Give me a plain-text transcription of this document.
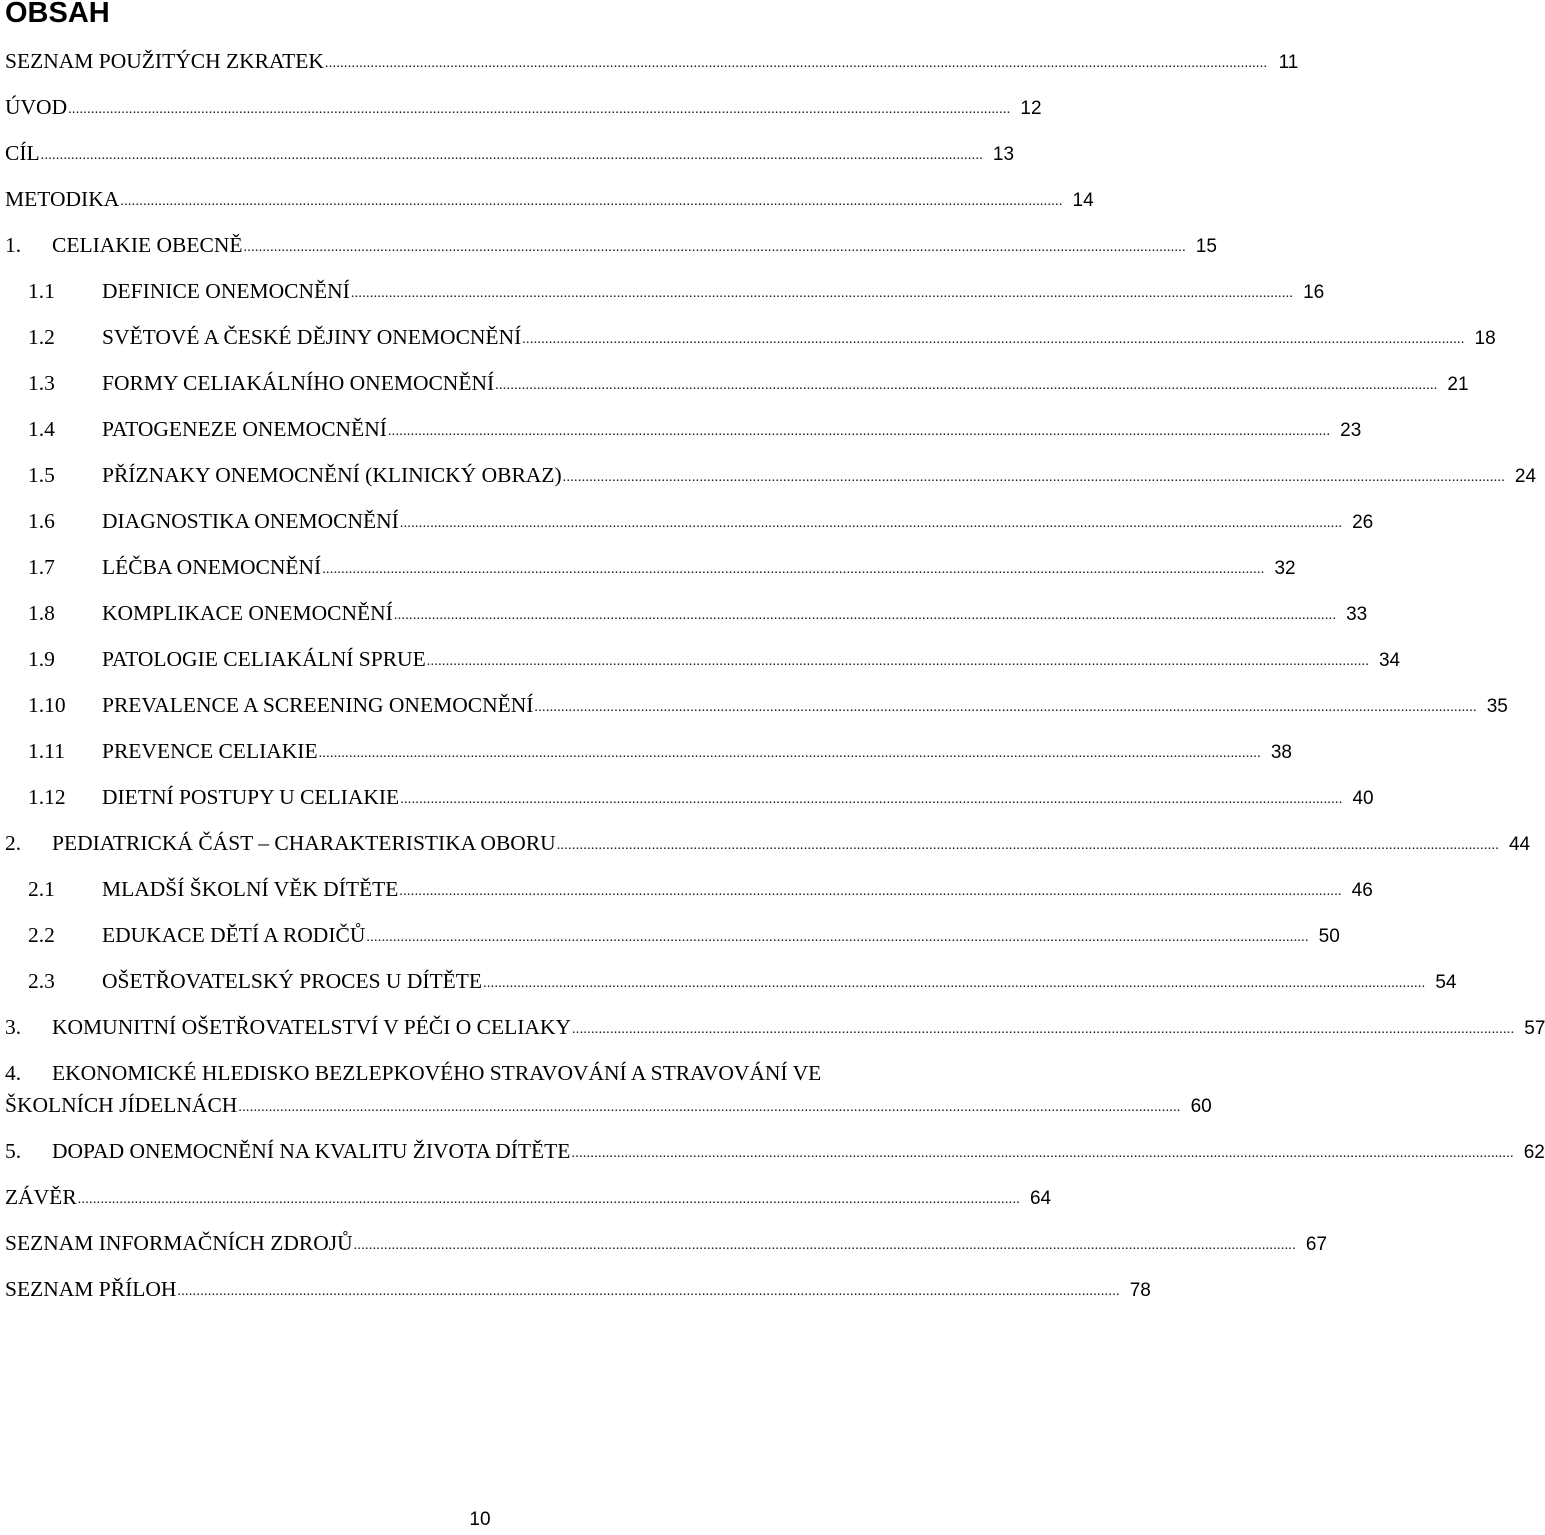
OBSAH
SEZNAM POUŽITÝCH ZKRATEK .....	11
ÚVOD .....	12
CÍL .....	13
METODIKA .....	14
1.	CELIAKIE OBECNĚ .....	15
1.1	DEFINICE ONEMOCNĚNÍ .....	16
1.2	SVĚTOVÉ A ČESKÉ DĚJINY ONEMOCNĚNÍ .....	18
1.3	FORMY CELIAKÁLNÍHO ONEMOCNĚNÍ .....	21
1.4	PATOGENEZE ONEMOCNĚNÍ .....	23
1.5	PŘÍZNAKY ONEMOCNĚNÍ (KLINICKÝ OBRAZ) .....	24
1.6	DIAGNOSTIKA ONEMOCNĚNÍ .....	26
1.7	LÉČBA ONEMOCNĚNÍ .....	32
1.8	KOMPLIKACE ONEMOCNĚNÍ .....	33
1.9	PATOLOGIE CELIAKÁLNÍ SPRUE .....	34
1.10	PREVALENCE A SCREENING ONEMOCNĚNÍ .....	35
1.11	PREVENCE CELIAKIE .....	38
1.12	DIETNÍ POSTUPY U CELIAKIE .....	40
2.	PEDIATRICKÁ ČÁST – CHARAKTERISTIKA OBORU .....	44
2.1	MLADŠÍ ŠKOLNÍ VĚK DÍTĚTE .....	46
2.2	EDUKACE DĚTÍ A RODIČŮ .....	50
2.3	OŠETŘOVATELSKÝ PROCES U DÍTĚTE .....	54
3.	KOMUNITNÍ OŠETŘOVATELSTVÍ V PÉČI O CELIAKY .....	57
4.	EKONOMICKÉ HLEDISKO BEZLEPKOVÉHO STRAVOVÁNÍ A STRAVOVÁNÍ VE
ŠKOLNÍCH JÍDELNÁCH .....	60
5.	DOPAD ONEMOCNĚNÍ NA KVALITU ŽIVOTA DÍTĚTE .....	62
ZÁVĚR .....	64
SEZNAM INFORMAČNÍCH ZDROJŮ .....	67
SEZNAM PŘÍLOH .....	78
10
